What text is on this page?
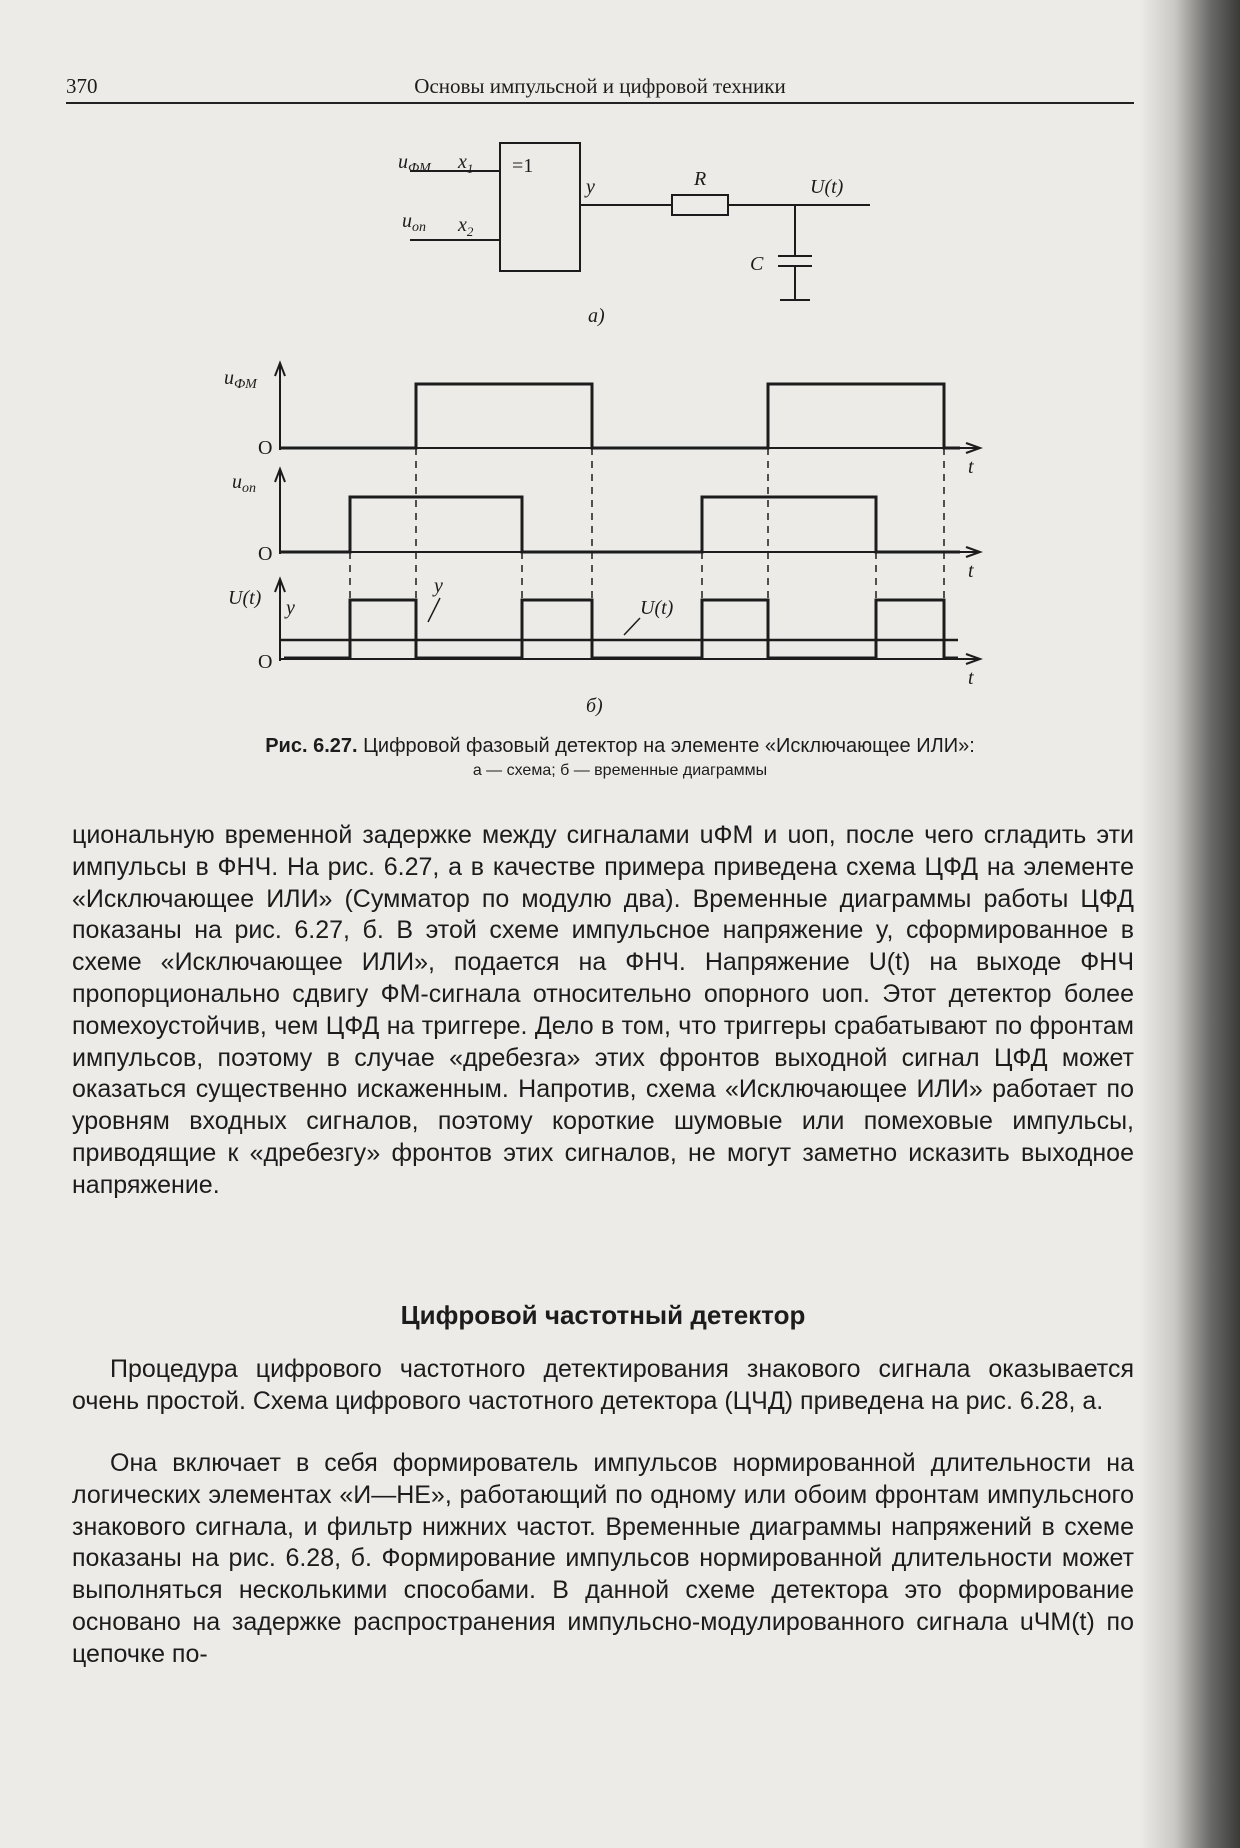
370	Основы импульсной и цифровой техники
=1
$u_{ФМ}$ $x_1$
$u_{оп}$ $x_2$
y	R	U(t)
C
а)
$u_{ФМ}$
O
t
$u_{оп}$
O
t
U(t) y
O
t
y
U(t)
б)
Рис. 6.27. Цифровой фазовый детектор на элементе «Исключающее ИЛИ»:
а — схема; б — временные диаграммы

циональную временной задержке между сигналами uФМ и uоп, после чего сгладить эти импульсы в ФНЧ. На рис. 6.27, а в качестве примера приведена схема ЦФД на элементе «Исключающее ИЛИ» (Сумматор по модулю два). Временные диаграммы работы ЦФД показаны на рис. 6.27, б. В этой схеме импульсное напряжение y, сформированное в схеме «Исключающее ИЛИ», подается на ФНЧ. Напряжение U(t) на выходе ФНЧ пропорционально сдвигу ФМ-сигнала относительно опорного uоп. Этот детектор более помехоустойчив, чем ЦФД на триггере. Дело в том, что триггеры срабатывают по фронтам импульсов, поэтому в случае «дребезга» этих фронтов выходной сигнал ЦФД может оказаться существенно искаженным. Напротив, схема «Исключающее ИЛИ» работает по уровням входных сигналов, поэтому короткие шумовые или помеховые импульсы, приводящие к «дребезгу» фронтов этих сигналов, не могут заметно исказить выходное напряжение.

Цифровой частотный детектор

Процедура цифрового частотного детектирования знакового сигнала оказывается очень простой. Схема цифрового частотного детектора (ЦЧД) приведена на рис. 6.28, а.

Она включает в себя формирователь импульсов нормированной длительности на логических элементах «И—НЕ», работающий по одному или обоим фронтам импульсного знакового сигнала, и фильтр нижних частот. Временные диаграммы напряжений в схеме показаны на рис. 6.28, б. Формирование импульсов нормированной длительности может выполняться несколькими способами. В данной схеме детектора это формирование основано на задержке распространения импульсно-модулированного сигнала uЧМ(t) по цепочке по-
